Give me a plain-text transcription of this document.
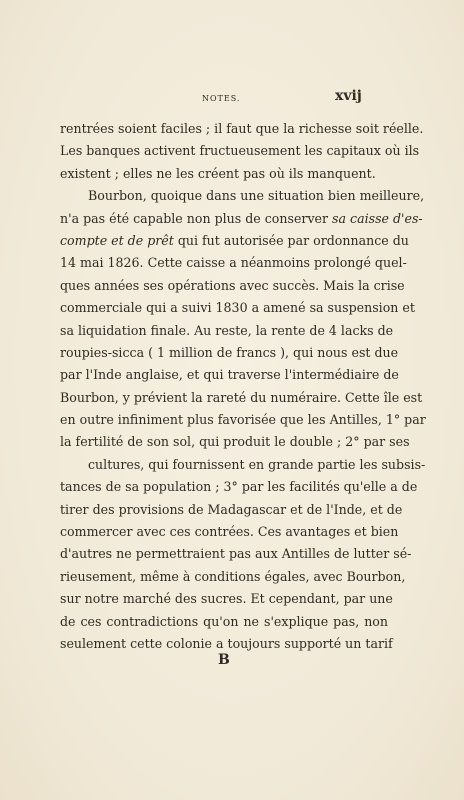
NOTES.	xvij
rentrées soient faciles ; il faut que la richesse soit réelle.
Les banques activent fructueusement les capitaux où ils
existent ; elles ne les créent pas où ils manquent.
Bourbon, quoique dans une situation bien meilleure,
n'a pas été capable non plus de conserver sa caisse d'es-
compte et de prêt qui fut autorisée par ordonnance du
14 mai 1826. Cette caisse a néanmoins prolongé quel-
ques années ses opérations avec succès. Mais la crise
commerciale qui a suivi 1830 a amené sa suspension et
sa liquidation finale. Au reste, la rente de 4 lacks de
roupies-sicca ( 1 million de francs ), qui nous est due
par l'Inde anglaise, et qui traverse l'intermédiaire de
Bourbon, y prévient la rareté du numéraire. Cette île est
en outre infiniment plus favorisée que les Antilles, 1° par
la fertilité de son sol, qui produit le double ; 2° par ses
cultures, qui fournissent en grande partie les subsis-
tances de sa population ; 3° par les facilités qu'elle a de
tirer des provisions de Madagascar et de l'Inde, et de
commercer avec ces contrées. Ces avantages et bien
d'autres ne permettraient pas aux Antilles de lutter sé-
rieusement, même à conditions égales, avec Bourbon,
sur notre marché des sucres. Et cependant, par une
de ces contradictions qu'on ne s'explique pas, non
seulement cette colonie a toujours supporté un tarif
B
